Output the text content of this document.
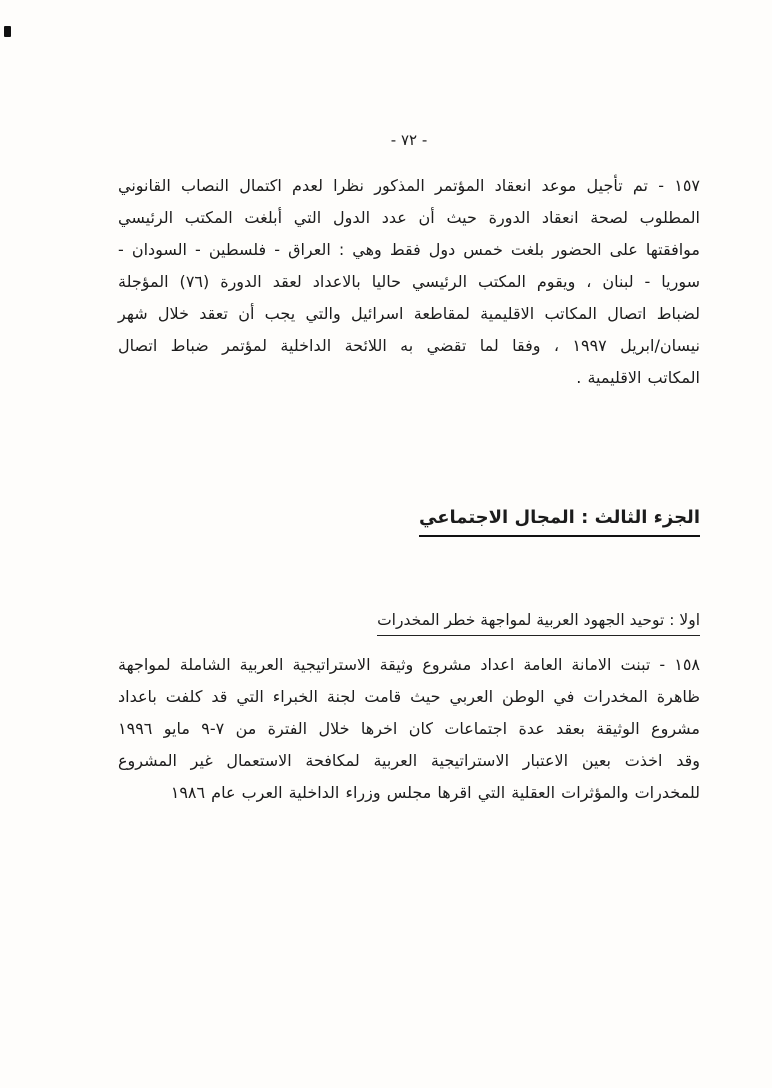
- ٧٢ -
١٥٧ - تم تأجيل موعد انعقاد المؤتمر المذكور نظرا لعدم اكتمال النصاب القانوني
المطلوب لصحة انعقاد الدورة حيث أن عدد الدول التي أبلغت المكتب الرئيسي
موافقتها على الحضور بلغت خمس دول فقط وهي : العراق - فلسطين - السودان -
سوريا - لبنان ، ويقوم المكتب الرئيسي حاليا بالاعداد لعقد الدورة (٧٦) المؤجلة
لضباط اتصال المكاتب الاقليمية لمقاطعة اسرائيل والتي يجب أن تعقد خلال شهر
نيسان/ابريل ١٩٩٧ ، وفقا لما تقضي به اللائحة الداخلية لمؤتمر ضباط اتصال
المكاتب الاقليمية .
الجزء الثالث : المجال الاجتماعي
اولا : توحيد الجهود العربية لمواجهة خطر المخدرات
١٥٨ - تبنت الامانة العامة اعداد مشروع وثيقة الاستراتيجية العربية الشاملة لمواجهة
ظاهرة المخدرات في الوطن العربي حيث قامت لجنة الخبراء التي قد كلفت باعداد
مشروع الوثيقة بعقد عدة اجتماعات كان اخرها خلال الفترة من ٧-٩ مايو ١٩٩٦
وقد اخذت بعين الاعتبار الاستراتيجية العربية لمكافحة الاستعمال غير المشروع
للمخدرات والمؤثرات العقلية التي اقرها مجلس وزراء الداخلية العرب عام ١٩٨٦
